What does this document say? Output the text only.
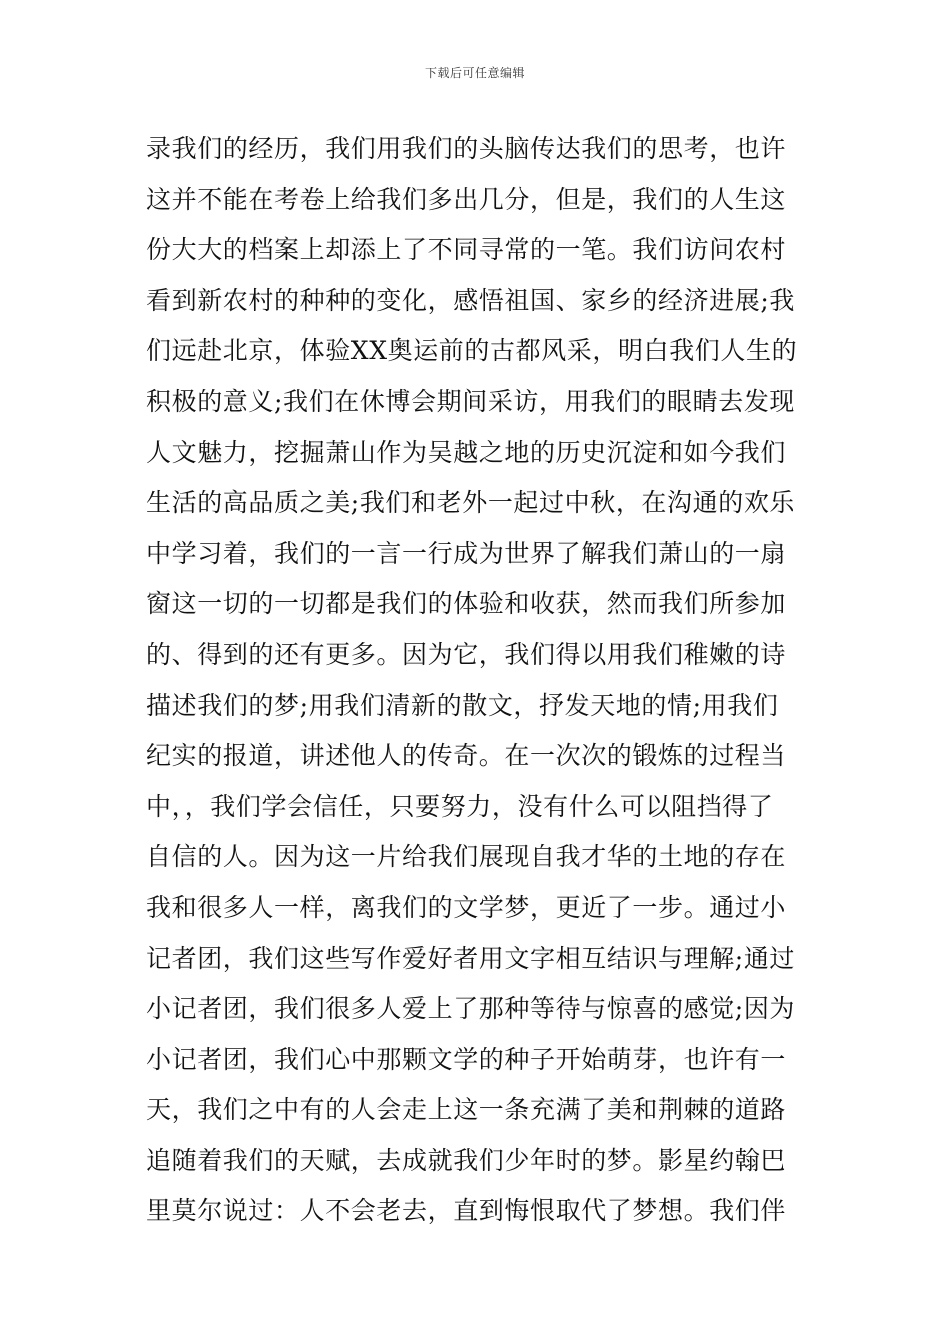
下载后可任意编辑
录我们的经历，我们用我们的头脑传达我们的思考，也许
这并不能在考卷上给我们多出几分，但是，我们的人生这
份大大的档案上却添上了不同寻常的一笔。我们访问农村
看到新农村的种种的变化，感悟祖国、家乡的经济进展;我
们远赴北京，体验XX奥运前的古都风采，明白我们人生的
积极的意义;我们在休博会期间采访，用我们的眼睛去发现
人文魅力，挖掘萧山作为吴越之地的历史沉淀和如今我们
生活的高品质之美;我们和老外一起过中秋，在沟通的欢乐
中学习着，我们的一言一行成为世界了解我们萧山的一扇
窗这一切的一切都是我们的体验和收获，然而我们所参加
的、得到的还有更多。因为它，我们得以用我们稚嫩的诗
描述我们的梦;用我们清新的散文，抒发天地的情;用我们
纪实的报道，讲述他人的传奇。在一次次的锻炼的过程当
中，，我们学会信任，只要努力，没有什么可以阻挡得了
自信的人。因为这一片给我们展现自我才华的土地的存在
我和很多人一样，离我们的文学梦，更近了一步。通过小
记者团，我们这些写作爱好者用文字相互结识与理解;通过
小记者团，我们很多人爱上了那种等待与惊喜的感觉;因为
小记者团，我们心中那颗文学的种子开始萌芽，也许有一
天，我们之中有的人会走上这一条充满了美和荆棘的道路
追随着我们的天赋，去成就我们少年时的梦。影星约翰巴
里莫尔说过：人不会老去，直到悔恨取代了梦想。我们伴
